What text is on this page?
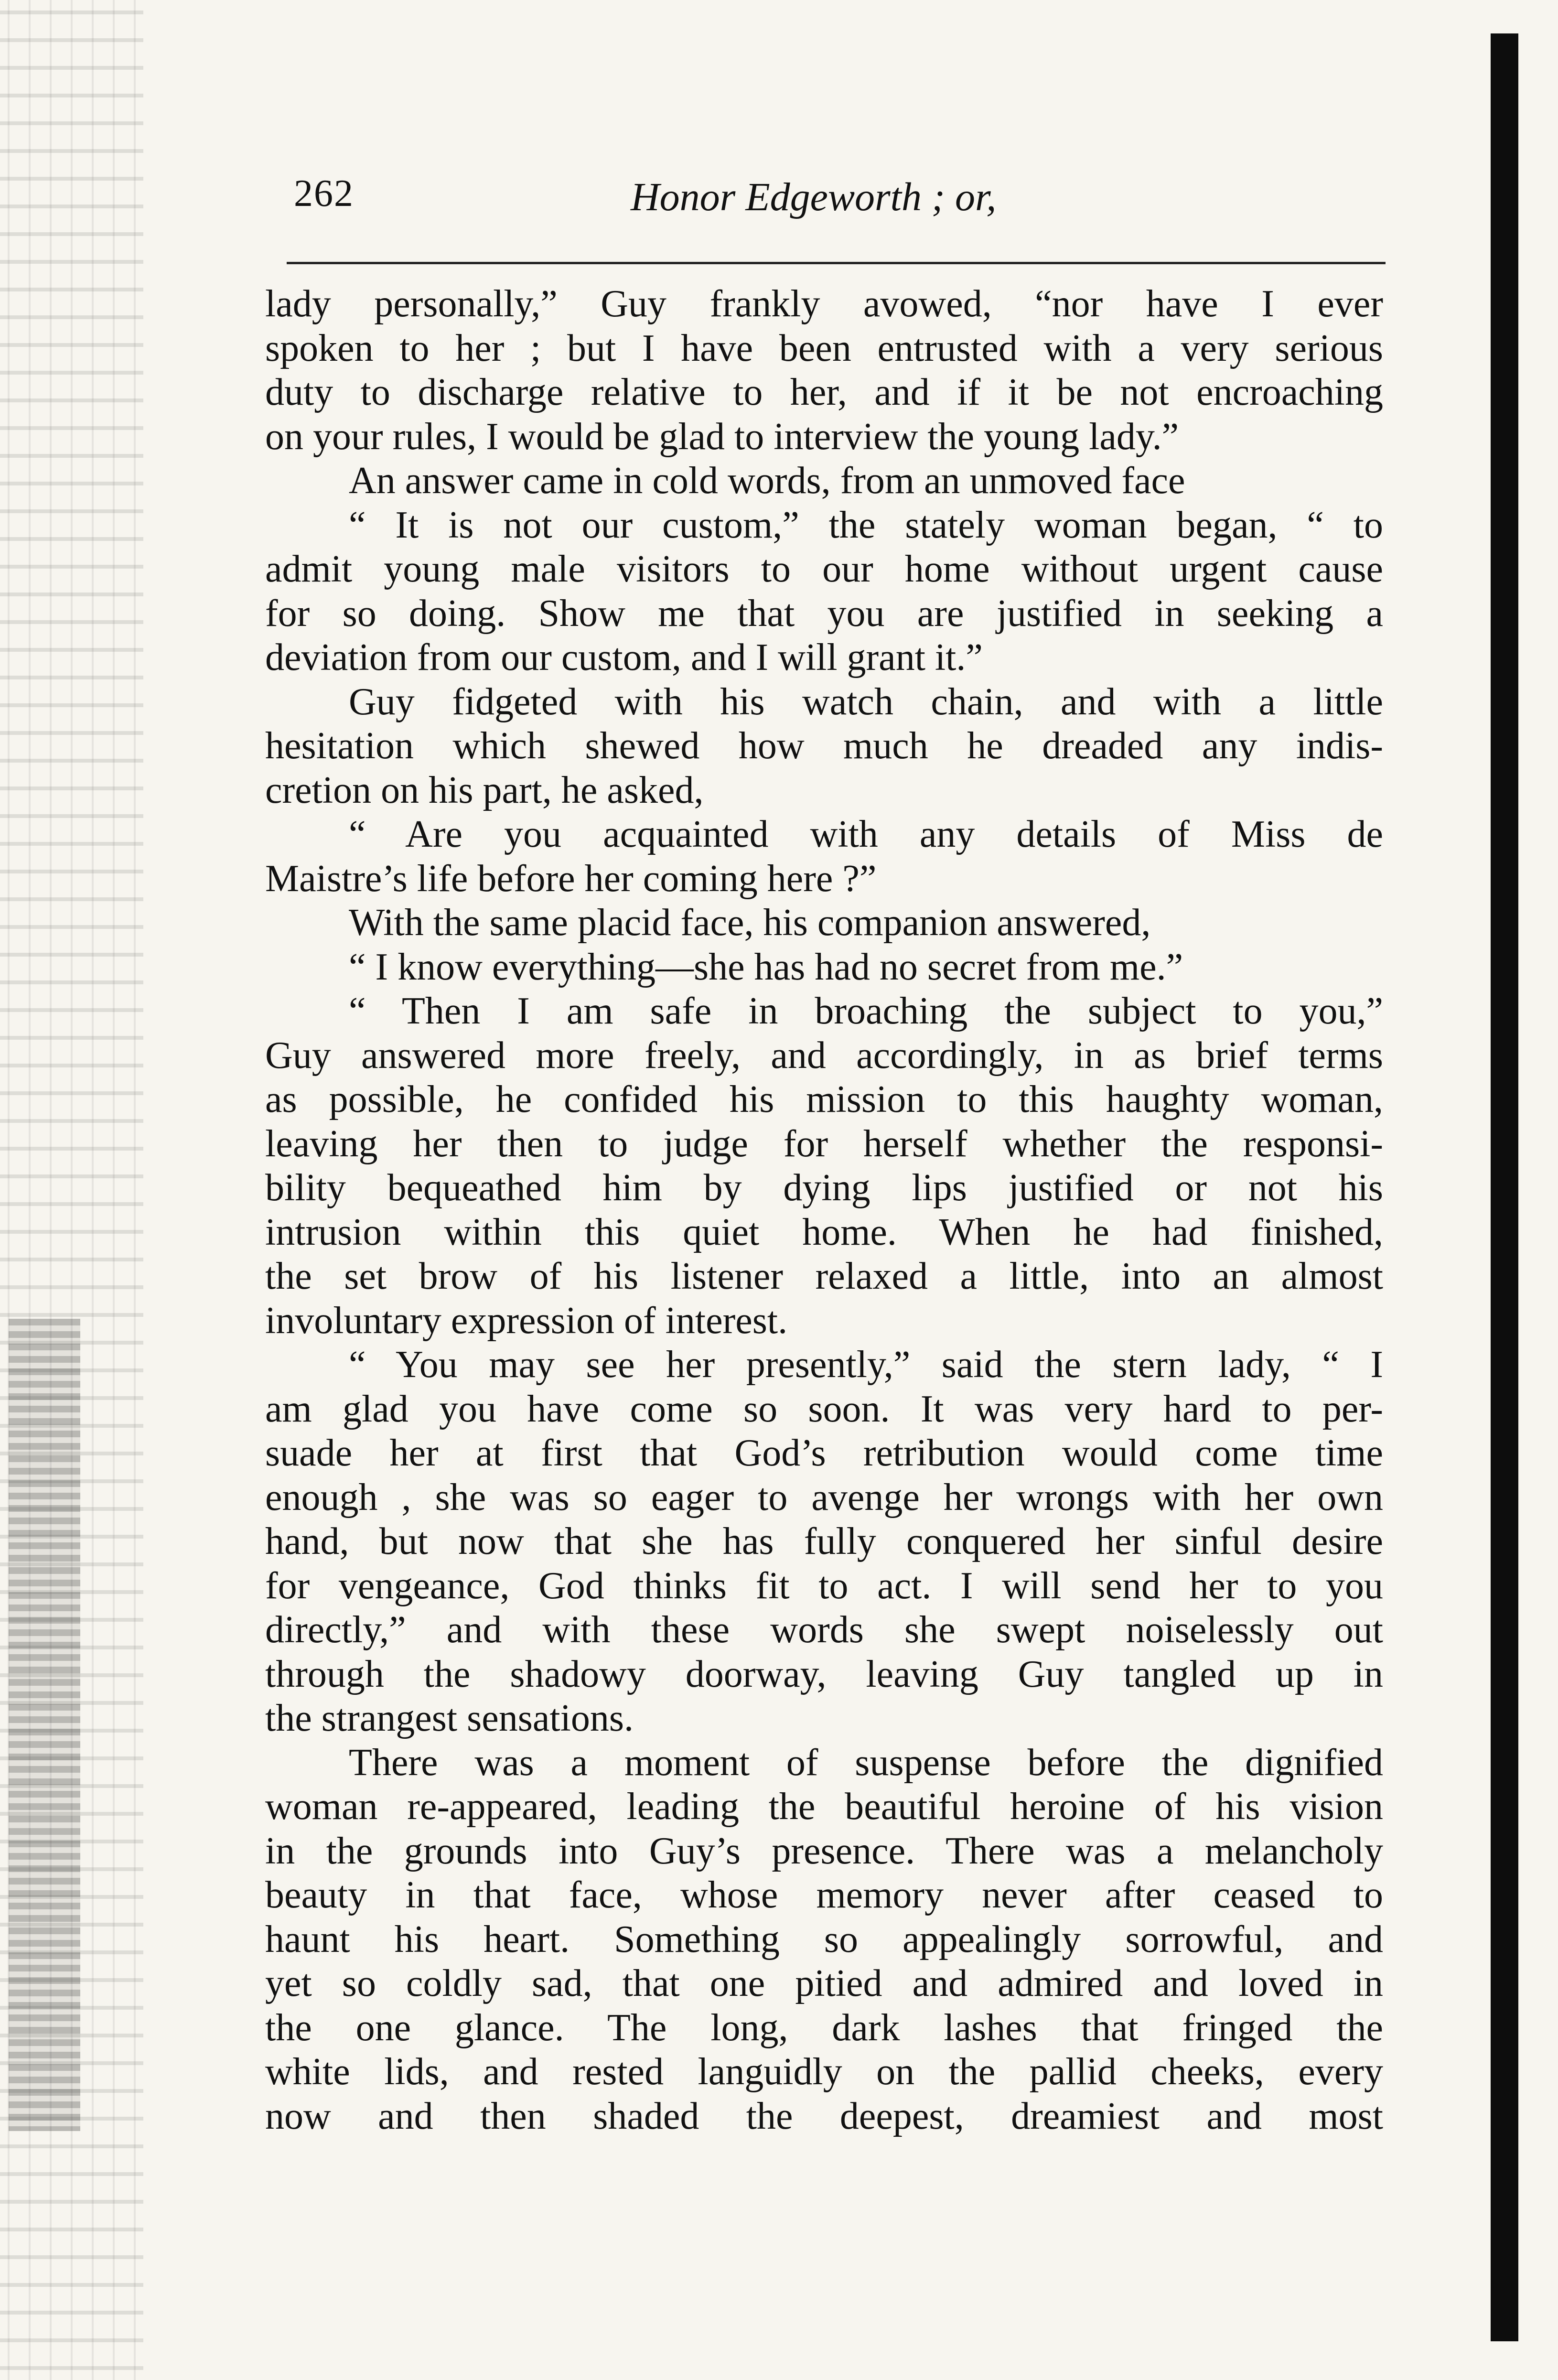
262	Honor Edgeworth ; or,
lady personally,” Guy frankly avowed, “nor have I ever
spoken to her ; but I have been entrusted with a very serious
duty to discharge relative to her, and if it be not encroaching
on your rules, I would be glad to interview the young lady.”
An answer came in cold words, from an unmoved face
“ It is not our custom,” the stately woman began, “ to
admit young male visitors to our home without urgent cause
for so doing. Show me that you are justified in seeking a
deviation from our custom, and I will grant it.”
Guy fidgeted with his watch chain, and with a little
hesitation which shewed how much he dreaded any indis-
cretion on his part, he asked,
“ Are you acquainted with any details of Miss de
Maistre’s life before her coming here ?”
With the same placid face, his companion answered,
“ I know everything—she has had no secret from me.”
“ Then I am safe in broaching the subject to you,”
Guy answered more freely, and accordingly, in as brief terms
as possible, he confided his mission to this haughty woman,
leaving her then to judge for herself whether the responsi-
bility bequeathed him by dying lips justified or not his
intrusion within this quiet home. When he had finished,
the set brow of his listener relaxed a little, into an almost
involuntary expression of interest.
“ You may see her presently,” said the stern lady, “ I
am glad you have come so soon. It was very hard to per-
suade her at first that God’s retribution would come time
enough , she was so eager to avenge her wrongs with her own
hand, but now that she has fully conquered her sinful desire
for vengeance, God thinks fit to act. I will send her to you
directly,” and with these words she swept noiselessly out
through the shadowy doorway, leaving Guy tangled up in
the strangest sensations.
There was a moment of suspense before the dignified
woman re-appeared, leading the beautiful heroine of his vision
in the grounds into Guy’s presence. There was a melancholy
beauty in that face, whose memory never after ceased to
haunt his heart. Something so appealingly sorrowful, and
yet so coldly sad, that one pitied and admired and loved in
the one glance. The long, dark lashes that fringed the
white lids, and rested languidly on the pallid cheeks, every
now and then shaded the deepest, dreamiest and most
